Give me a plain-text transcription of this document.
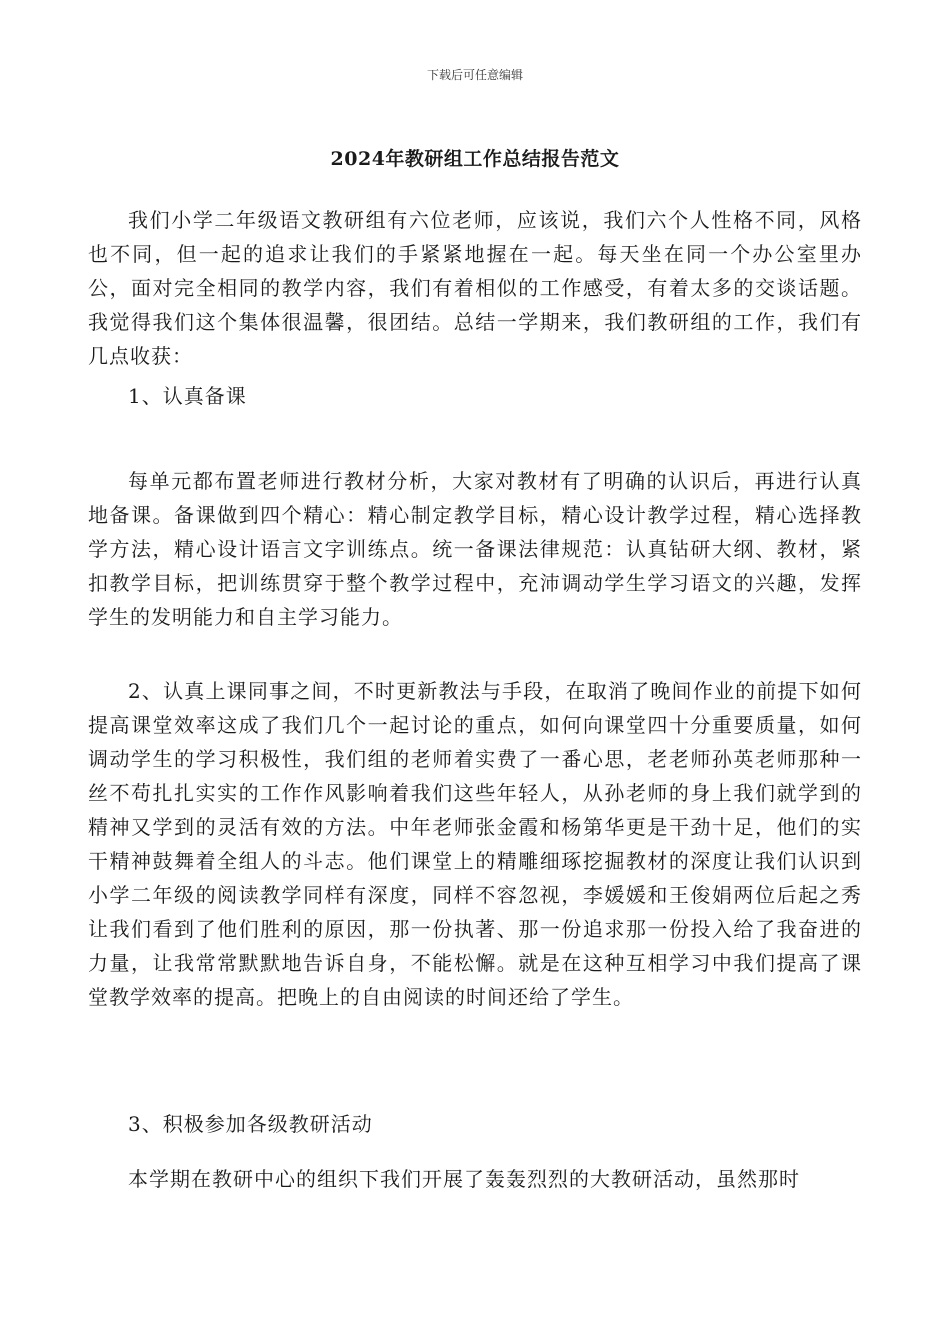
下载后可任意编辑
2024年教研组工作总结报告范文

我们小学二年级语文教研组有六位老师，应该说，我们六个人性格不同，风格也不同，但一起的追求让我们的手紧紧地握在一起。每天坐在同一个办公室里办公，面对完全相同的教学内容，我们有着相似的工作感受，有着太多的交谈话题。我觉得我们这个集体很温馨，很团结。总结一学期来，我们教研组的工作，我们有几点收获：

1、认真备课

每单元都布置老师进行教材分析，大家对教材有了明确的认识后，再进行认真地备课。备课做到四个精心：精心制定教学目标，精心设计教学过程，精心选择教学方法，精心设计语言文字训练点。统一备课法律规范：认真钻研大纲、教材，紧扣教学目标，把训练贯穿于整个教学过程中，充沛调动学生学习语文的兴趣，发挥学生的发明能力和自主学习能力。

2、认真上课同事之间，不时更新教法与手段，在取消了晚间作业的前提下如何提高课堂效率这成了我们几个一起讨论的重点，如何向课堂四十分重要质量，如何调动学生的学习积极性，我们组的老师着实费了一番心思，老老师孙英老师那种一丝不苟扎扎实实的工作作风影响着我们这些年轻人，从孙老师的身上我们就学到的精神又学到的灵活有效的方法。中年老师张金霞和杨第华更是干劲十足，他们的实干精神鼓舞着全组人的斗志。他们课堂上的精雕细琢挖掘教材的深度让我们认识到小学二年级的阅读教学同样有深度，同样不容忽视，李媛媛和王俊娟两位后起之秀让我们看到了他们胜利的原因，那一份执著、那一份追求那一份投入给了我奋进的力量，让我常常默默地告诉自身，不能松懈。就是在这种互相学习中我们提高了课堂教学效率的提高。把晚上的自由阅读的时间还给了学生。

3、积极参加各级教研活动

本学期在教研中心的组织下我们开展了轰轰烈烈的大教研活动，虽然那时
